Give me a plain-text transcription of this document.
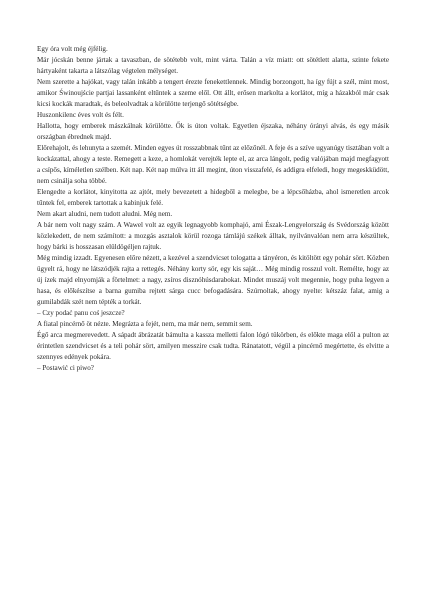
Egy óra volt még éjfélig.

Már jócskán benne jártak a tavaszban, de sötétebb volt, mint várta. Talán a víz miatt: ott sötétlett alatta, szinte fekete hártyaként takarta a látszólag végtelen mélységet.

Nem szerette a hajókat, vagy talán inkább a tengert érezte fenekettlennek. Mindig borzongott, ha így fújt a szél, mint most, amikor Świnoujście partjai lassanként eltűntek a szeme elől. Ott állt, erősen markolta a korlátot, míg a házakból már csak kicsi kockák maradtak, és beleolvadtak a körülötte terjengő sötétségbe.

Huszonkilenc éves volt és félt.

Hallotta, hogy emberek mászkálnak körülötte. Ők is úton voltak. Egyetlen éjszaka, néhány órányi alvás, és egy másik országban ébrednek majd.

Előrehajolt, és lehunyta a szemét. Minden egyes út rosszabbnak tűnt az előzőnél. A feje és a szíve ugyanúgy tisztában volt a kockázattal, ahogy a teste. Remegett a keze, a homlokát verejték lepte el, az arca lángolt, pedig valójában majd megfagyott a csípős, kíméletlen szélben. Két nap. Két nap múlva itt áll megint, úton visszafelé, és addigra elfeledi, hogy megeskküdött, nem csinálja soha többé.

Elengedte a korlátot, kinyitotta az ajtót, mely bevezetett a hidegből a melegbe, be a lépcsőházba, ahol ismeretlen arcok tűntek fel, emberek tartottak a kabinjuk felé.

Nem akart aludni, nem tudott aludni. Még nem.

A bár nem volt nagy szám. A Wawel volt az egyik legnagyobb komphajó, ami Észak-Lengyelország és Svédország között közlekedett, de nem számított: a mozgás asztalok körül rozoga támlájú székek álltak, nyilvánvalóan nem arra készültek, hogy bárki is hosszasan elüldögéljen rajtuk.

Még mindig izzadt. Egyenesen előre nézett, a kezével a szendvicset tologatta a tányéron, és kitöltött egy pohár sört. Közben ügyelt rá, hogy ne látszódjék rajta a rettegés. Néhány korty sör, egy kis saját… Még mindig rosszul volt. Remélte, hogy az új ízek majd elnyomják a förtelmet: a nagy, zsíros disznóhúsdarabokat. Mindet muszáj volt megennie, hogy puha legyen a hasa, és előkészítse a barna gumiba rejtett sárga cucc befogadására. Szúrnoltak, ahogy nyelte: kétszáz falat, amig a gumilabdák szét nem tépték a torkát.

– Czy podać panu coś jeszcze?

A fiatal pincérnő öt nézte. Megrázta a fejét, nem, ma már nem, semmit sem.

Égő arca megmerevedett. A sápadt ábrázatát bámulta a kassza melletti falon lógó tükörben, és előkte maga elől a pulton az érintetlen szendvicset és a teli pohár sört, amilyen messzire csak tudta. Ránatatott, végül a pincérnő megértette, és elvitte a szennyes edények pokára.

– Postawić ci piwo?
